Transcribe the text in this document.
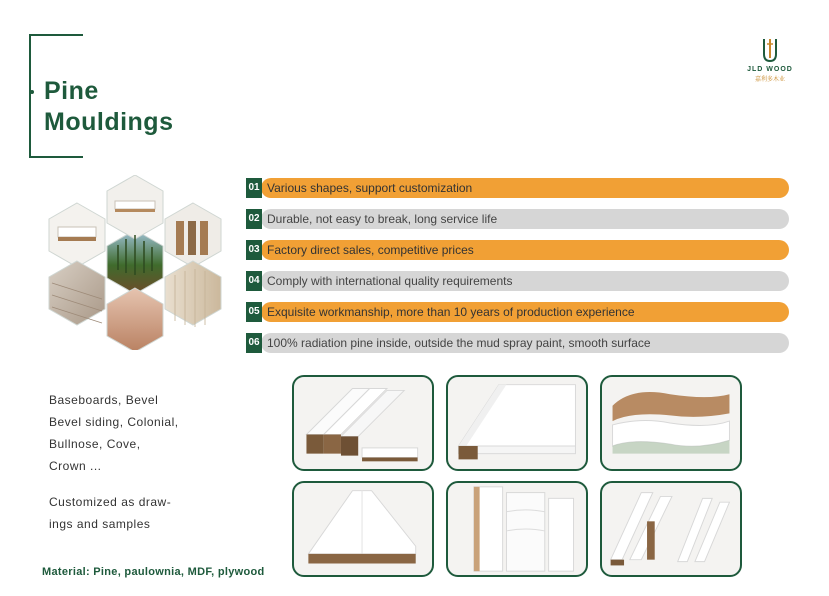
Pine
Mouldings
JLD WOOD
嘉利多木业
01 Various shapes, support customization
02 Durable, not easy to break, long service life
03 Factory direct sales, competitive prices
04 Comply with international quality requirements
05 Exquisite workmanship, more than 10 years of production experience
06 100% radiation pine inside, outside the mud spray paint, smooth surface

Baseboards, Bevel

Bevel siding, Colonial,

Bullnose, Cove,

Crown ...

Customized as draw-

ings and samples

Material: Pine, paulownia, MDF, plywood
